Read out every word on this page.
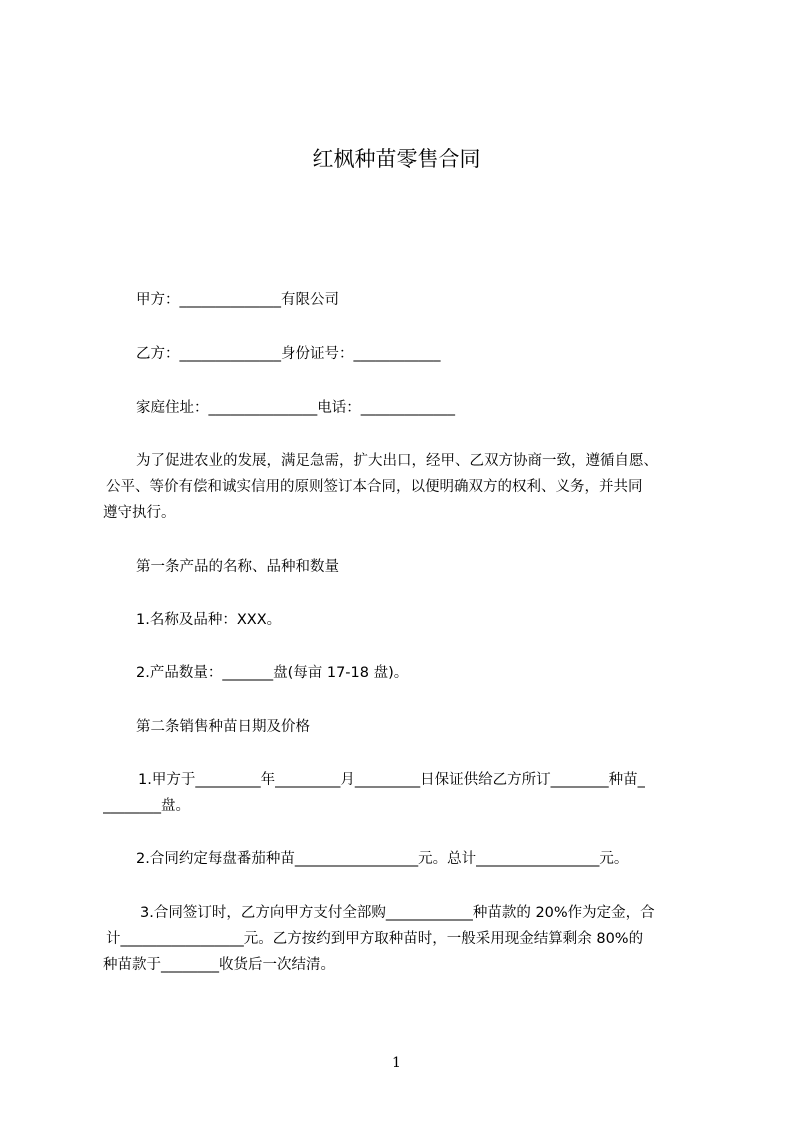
红枫种苗零售合同
甲方：______________有限公司
乙方：______________身份证号：____________
家庭住址：_______________电话：_____________
为了促进农业的发展，满足急需，扩大出口，经甲、乙双方协商一致，遵循自愿、
公平、等价有偿和诚实信用的原则签订本合同，以便明确双方的权利、义务，并共同
遵守执行。
第一条产品的名称、品种和数量
1.名称及品种：XXX。
2.产品数量：_______盘(每亩 17-18 盘)。
第二条销售种苗日期及价格
1.甲方于_________年_________月_________日保证供给乙方所订________种苗_
________盘。
2.合同约定每盘番茄种苗_________________元。总计_________________元。
3.合同签订时，乙方向甲方支付全部购____________种苗款的 20%作为定金，合
计_________________元。乙方按约到甲方取种苗时，一般采用现金结算剩余 80%的
种苗款于________收货后一次结清。
1
